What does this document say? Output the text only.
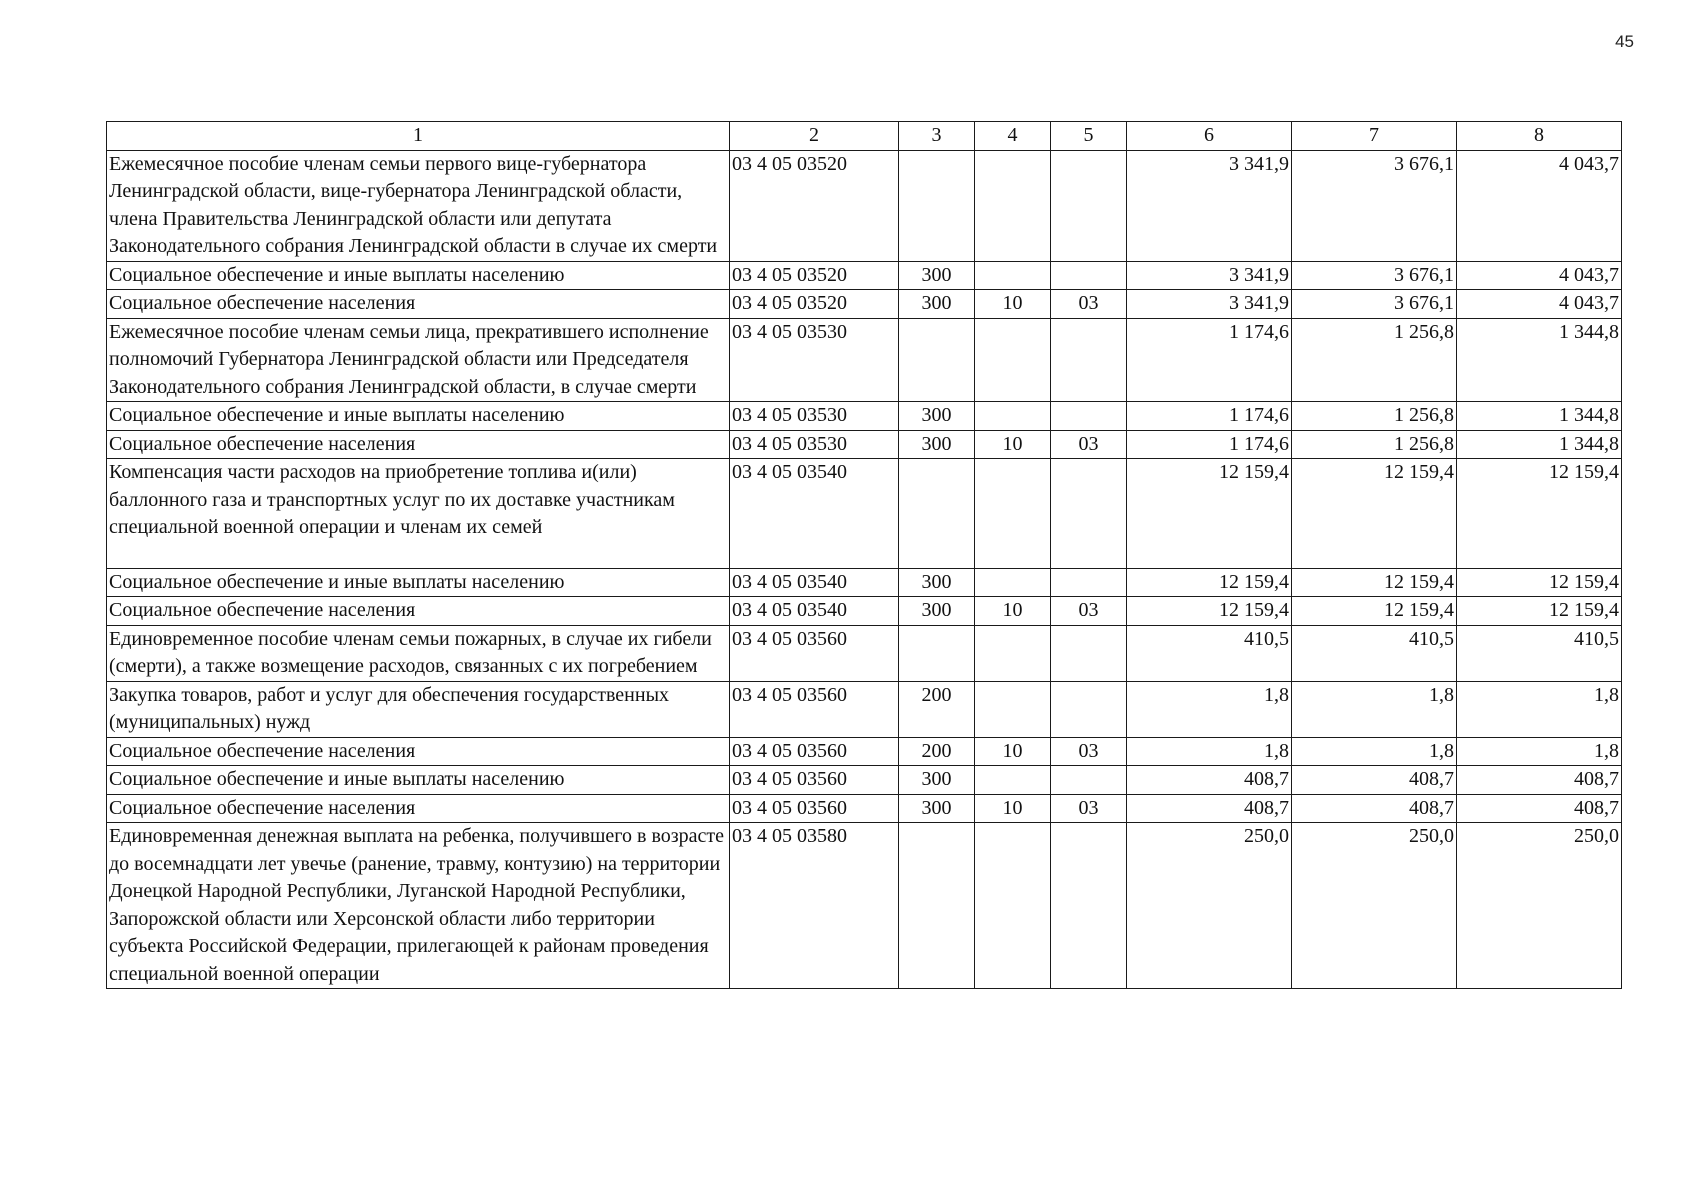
45
1	2	3	4	5	6	7	8
Ежемесячное пособие членам семьи первого вице-губернатора Ленинградской области, вице-губернатора Ленинградской области, члена Правительства Ленинградской области или депутата Законодательного собрания Ленинградской области в случае их смерти	03 4 05 03520				3 341,9	3 676,1	4 043,7
Социальное обеспечение и иные выплаты населению	03 4 05 03520	300			3 341,9	3 676,1	4 043,7
Социальное обеспечение населения	03 4 05 03520	300	10	03	3 341,9	3 676,1	4 043,7
Ежемесячное пособие членам семьи лица, прекратившего исполнение полномочий Губернатора Ленинградской области или Председателя Законодательного собрания Ленинградской области, в случае смерти	03 4 05 03530				1 174,6	1 256,8	1 344,8
Социальное обеспечение и иные выплаты населению	03 4 05 03530	300			1 174,6	1 256,8	1 344,8
Социальное обеспечение населения	03 4 05 03530	300	10	03	1 174,6	1 256,8	1 344,8
Компенсация части расходов на приобретение топлива и(или) баллонного газа и транспортных услуг по их доставке участникам специальной военной операции и членам их семей	03 4 05 03540				12 159,4	12 159,4	12 159,4
Социальное обеспечение и иные выплаты населению	03 4 05 03540	300			12 159,4	12 159,4	12 159,4
Социальное обеспечение населения	03 4 05 03540	300	10	03	12 159,4	12 159,4	12 159,4
Единовременное пособие членам семьи пожарных, в случае их гибели (смерти), а также возмещение расходов, связанных с их погребением	03 4 05 03560				410,5	410,5	410,5
Закупка товаров, работ и услуг для обеспечения государственных (муниципальных) нужд	03 4 05 03560	200			1,8	1,8	1,8
Социальное обеспечение населения	03 4 05 03560	200	10	03	1,8	1,8	1,8
Социальное обеспечение и иные выплаты населению	03 4 05 03560	300			408,7	408,7	408,7
Социальное обеспечение населения	03 4 05 03560	300	10	03	408,7	408,7	408,7
Единовременная денежная выплата на ребенка, получившего в возрасте до восемнадцати лет увечье (ранение, травму, контузию) на территории Донецкой Народной Республики, Луганской Народной Республики, Запорожской области или Херсонской области либо территории субъекта Российской Федерации, прилегающей к районам проведения специальной военной операции	03 4 05 03580				250,0	250,0	250,0
